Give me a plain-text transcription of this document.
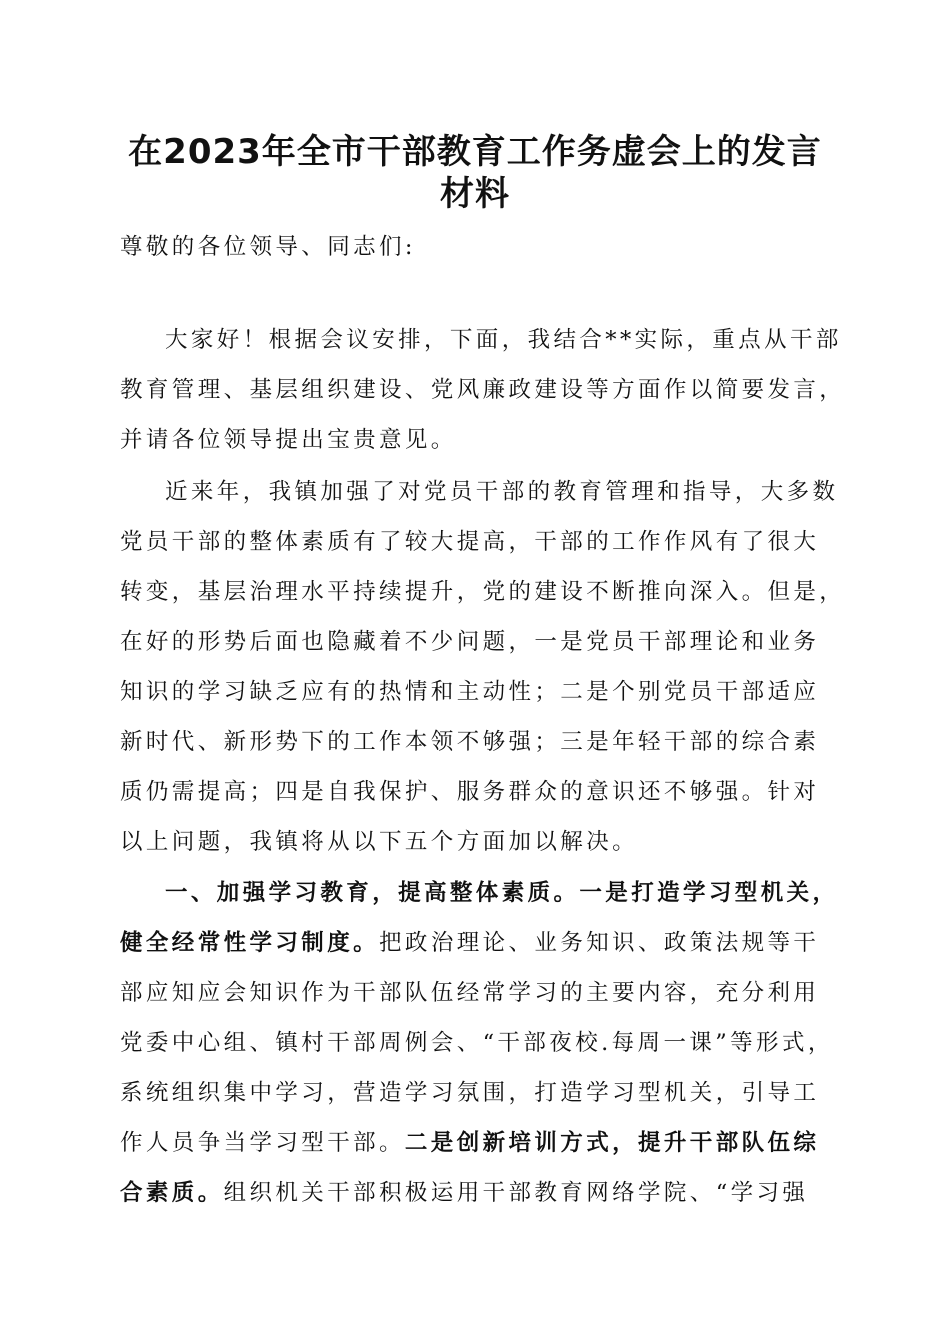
在2023年全市干部教育工作务虚会上的发言
材料

尊敬的各位领导、同志们:

大家好！根据会议安排，下面，我结合**实际，重点从干部
教育管理、基层组织建设、党风廉政建设等方面作以简要发言，
并请各位领导提出宝贵意见。
近来年，我镇加强了对党员干部的教育管理和指导，大多数
党员干部的整体素质有了较大提高，干部的工作作风有了很大
转变，基层治理水平持续提升，党的建设不断推向深入。但是，
在好的形势后面也隐藏着不少问题，一是党员干部理论和业务
知识的学习缺乏应有的热情和主动性；二是个别党员干部适应
新时代、新形势下的工作本领不够强；三是年轻干部的综合素
质仍需提高；四是自我保护、服务群众的意识还不够强。针对
以上问题，我镇将从以下五个方面加以解决。
一、加强学习教育，提高整体素质。一是打造学习型机关，
健全经常性学习制度。把政治理论、业务知识、政策法规等干
部应知应会知识作为干部队伍经常学习的主要内容，充分利用
党委中心组、镇村干部周例会、“干部夜校.每周一课”等形式，
系统组织集中学习，营造学习氛围，打造学习型机关，引导工
作人员争当学习型干部。二是创新培训方式，提升干部队伍综
合素质。组织机关干部积极运用干部教育网络学院、“学习强
